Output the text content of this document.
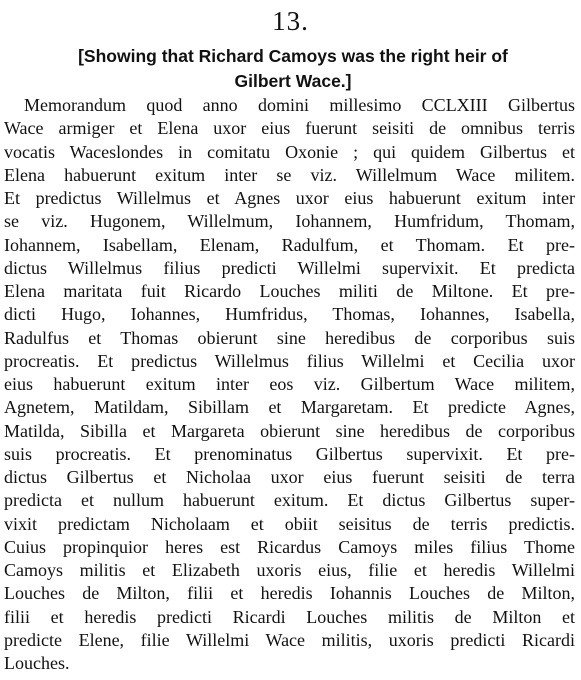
13.
[Showing that Richard Camoys was the right heir of
Gilbert Wace.]
Memorandum quod anno domini millesimo CCLXIII Gilbertus
Wace armiger et Elena uxor eius fuerunt seisiti de omnibus terris
vocatis Waceslondes in comitatu Oxonie ; qui quidem Gilbertus et
Elena habuerunt exitum inter se viz. Willelmum Wace militem.
Et predictus Willelmus et Agnes uxor eius habuerunt exitum inter
se viz. Hugonem, Willelmum, Iohannem, Humfridum, Thomam,
Iohannem, Isabellam, Elenam, Radulfum, et Thomam. Et pre-
dictus Willelmus filius predicti Willelmi supervixit. Et predicta
Elena maritata fuit Ricardo Louches militi de Miltone. Et pre-
dicti Hugo, Iohannes, Humfridus, Thomas, Iohannes, Isabella,
Radulfus et Thomas obierunt sine heredibus de corporibus suis
procreatis. Et predictus Willelmus filius Willelmi et Cecilia uxor
eius habuerunt exitum inter eos viz. Gilbertum Wace militem,
Agnetem, Matildam, Sibillam et Margaretam. Et predicte Agnes,
Matilda, Sibilla et Margareta obierunt sine heredibus de corporibus
suis procreatis. Et prenominatus Gilbertus supervixit. Et pre-
dictus Gilbertus et Nicholaa uxor eius fuerunt seisiti de terra
predicta et nullum habuerunt exitum. Et dictus Gilbertus super-
vixit predictam Nicholaam et obiit seisitus de terris predictis.
Cuius propinquior heres est Ricardus Camoys miles filius Thome
Camoys militis et Elizabeth uxoris eius, filie et heredis Willelmi
Louches de Milton, filii et heredis Iohannis Louches de Milton,
filii et heredis predicti Ricardi Louches militis de Milton et
predicte Elene, filie Willelmi Wace militis, uxoris predicti Ricardi
Louches.
